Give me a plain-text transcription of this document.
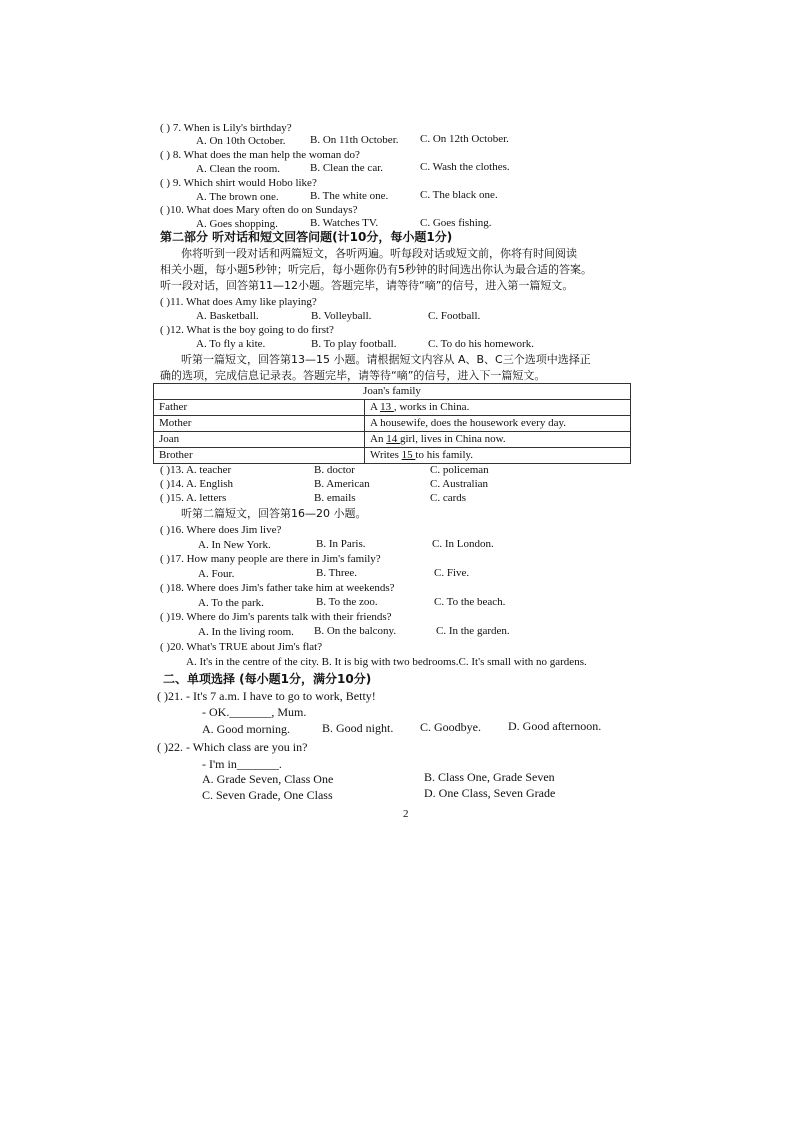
( ) 7. When is Lily's birthday?
A. On 10th October. B. On 11th October. C. On 12th October.
( ) 8. What does the man help the woman do?
A. Clean the room.	B. Clean the car.	C. Wash the clothes.
( ) 9. Which shirt would Hobo like?
A. The brown one.	B. The white one.	C. The black one.
( )10. What does Mary often do on Sundays?
A. Goes shopping.	B. Watches TV.	C. Goes fishing.
第二部分 听对话和短文回答问题(计10分，每小题1分)
你将听到一段对话和两篇短文，各听两遍。听每段对话或短文前，你将有时间阅读
相关小题，每小题5秒钟；听完后，每小题你仍有5秒钟的时间选出你认为最合适的答案。
听一段对话，回答第11—12小题。答题完毕，请等待“嘀”的信号，进入第一篇短文。
( )11. What does Amy like playing?
A. Basketball.	B. Volleyball.	C. Football.
( )12. What is the boy going to do first?
A. To fly a kite.	B. To play football.	C. To do his homework.
听第一篇短文，回答第13—15 小题。请根据短文内容从 A、B、C三个选项中选择正
确的选项，完成信息记录表。答题完毕，请等待“嘀”的信号，进入下一篇短文。
Joan's family	
Father	A 13 , works in China.
Mother	A housewife, does the housework every day.
Joan	An 14 girl, lives in China now.
Brother	Writes 15 to his family.
( )13. A. teacher	B. doctor	C. policeman
( )14. A. English	B. American	C. Australian
( )15. A. letters	B. emails	C. cards
听第二篇短文，回答第16—20 小题。
( )16. Where does Jim live?
A. In New York.	B. In Paris.	C. In London.
( )17. How many people are there in Jim's family?
A. Four.	B. Three.	C. Five.
( )18. Where does Jim's father take him at weekends?
A. To the park.	B. To the zoo.	C. To the beach.
( )19. Where do Jim's parents talk with their friends?
A. In the living room. B. On the balcony.	C. In the garden.
( )20. What's TRUE about Jim's flat?
A. It's in the centre of the city. B. It is big with two bedrooms.C. It's small with no gardens.
二、单项选择 (每小题1分，满分10分)
( )21. - It's 7 a.m. I have to go to work, Betty!
- OK._______, Mum.
A. Good morning.	B. Good night. C. Goodbye. D. Good afternoon.
( )22. - Which class are you in?
- I'm in_______.
A. Grade Seven, Class One	B. Class One, Grade Seven
C. Seven Grade, One Class	D. One Class, Seven Grade
2
